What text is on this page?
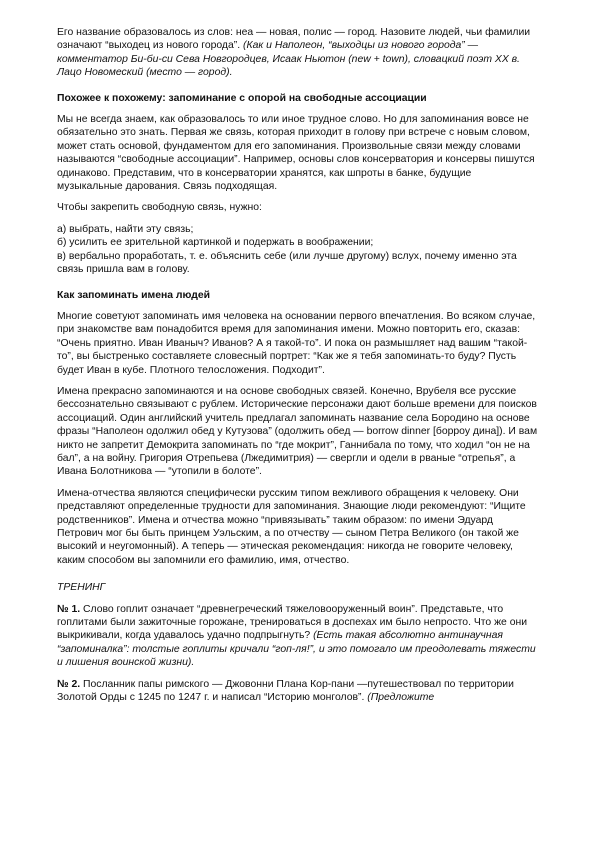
Его название образовалось из слов: неа — новая, полис — город. Назовите людей, чьи фамилии означают “выходец из нового города”. (Как и Наполеон, “выходцы из нового города” — комментатор Би-би-си Сева Новгородцев, Исаак Ньютон (new + town), словацкий поэт XX в. Лацо Новомеский (место — город).

Похожее к похожему: запоминание с опорой на свободные ассоциации

Мы не всегда знаем, как образовалось то или иное трудное слово. Но для запоминания вовсе не обязательно это знать. Первая же связь, которая приходит в голову при встрече с новым словом, может стать основой, фундаментом для его запоминания. Произвольные связи между словами называются “свободные ассоциации”. Например, основы слов консерватория и консервы пишутся одинаково. Представим, что в консерватории хранятся, как шпроты в банке, будущие музыкальные дарования. Связь подходящая.

Чтобы закрепить свободную связь, нужно:

а) выбрать, найти эту связь;
б) усилить ее зрительной картинкой и подержать в воображении;
в) вербально проработать, т. е. объяснить себе (или лучше другому) вслух, почему именно эта связь пришла вам в голову.

Как запоминать имена людей

Многие советуют запоминать имя человека на основании первого впечатления. Во всяком случае, при знакомстве вам понадобится время для запоминания имени. Можно повторить его, сказав: “Очень приятно. Иван Иваныч? Иванов? А я такой-то”. И пока он размышляет над вашим “такой-то”, вы быстренько составляете словесный портрет: “Как же я тебя запоминать-то буду? Пусть будет Иван в кубе. Плотного телосложения. Подходит”.

Имена прекрасно запоминаются и на основе свободных связей. Конечно, Врубеля все русские бессознательно связывают с рублем. Исторические персонажи дают больше времени для поисков ассоциаций. Один английский учитель предлагал запоминать название села Бородино на основе фразы “Наполеон одолжил обед у Кутузова” (одолжить обед — borrow dinner [борроу дина]). И вам никто не запретит Демокрита запоминать по “где мокрит”, Ганнибала по тому, что ходил “он не на бал”, а на войну. Григория Отрепьева (Лжедимитрия) — свергли и одели в рваные “отрепья”, а Ивана Болотникова — “утопили в болоте”.

Имена-отчества являются специфически русским типом вежливого обращения к человеку. Они представляют определенные трудности для запоминания. Знающие люди рекомендуют: “Ищите родственников”. Имена и отчества можно “привязывать” таким образом: по имени Эдуард Петрович мог бы быть принцем Уэльским, а по отчеству — сыном Петра Великого (он такой же высокий и неугомонный). А теперь — этическая рекомендация: никогда не говорите человеку, каким способом вы запомнили его фамилию, имя, отчество.

ТРЕНИНГ

№ 1. Слово гоплит означает “древнегреческий тяжеловооруженный воин”. Представьте, что гоплитами были зажиточные горожане, тренироваться в доспехах им было непросто. Что же они выкрикивали, когда удавалось удачно подпрыгнуть? (Есть такая абсолютно антинаучная “запоминалка”: толстые гоплиты кричали “гоп-ля!”, и это помогало им преодолевать тяжести и лишения воинской жизни).

№ 2. Посланник папы римского — Джовонни Плана Кор-пани —путешествовал по территории Золотой Орды с 1245 по 1247 г. и написал “Историю монголов”. (Предложите
